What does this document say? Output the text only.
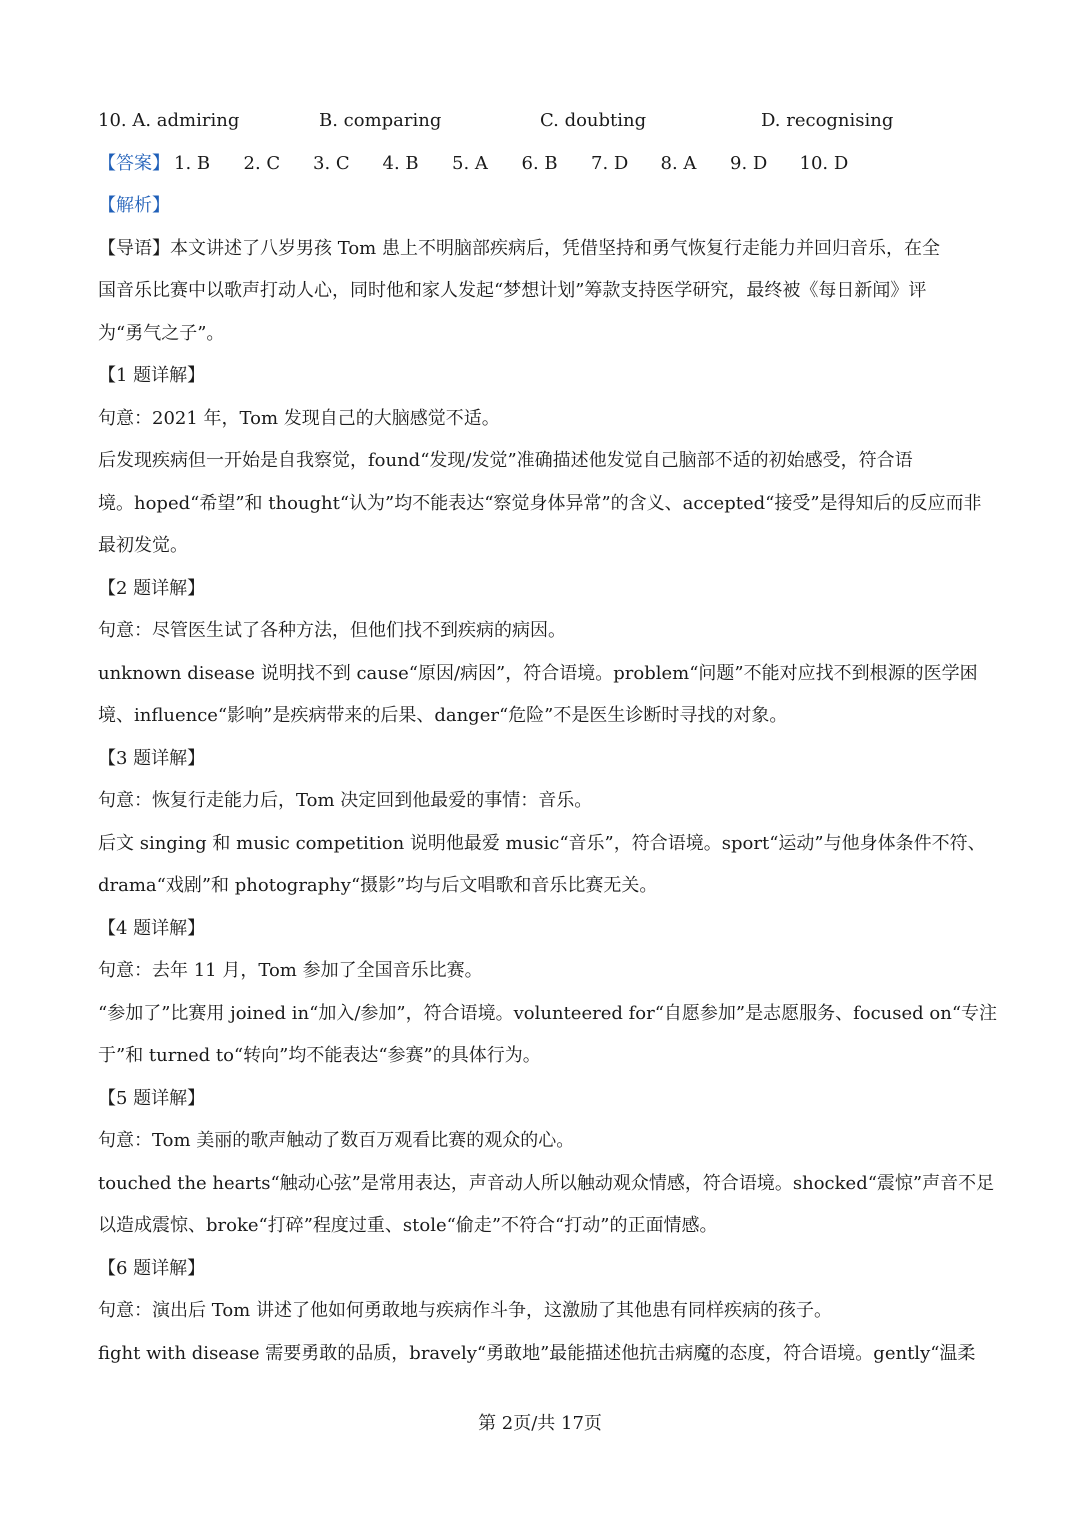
10. A. admiring	B. comparing	C. doubting	D. recognising
【答案】 1. B	2. C	3. C	4. B	5. A	6. B	7. D	8. A	9. D	10. D

【解析】

【导语】本文讲述了八岁男孩 Tom 患上不明脑部疾病后，凭借坚持和勇气恢复行走能力并回归音乐，在全

国音乐比赛中以歌声打动人心，同时他和家人发起“梦想计划”筹款支持医学研究，最终被《每日新闻》评

为“勇气之子”。

【1 题详解】

句意：2021 年，Tom 发现自己的大脑感觉不适。

后发现疾病但一开始是自我察觉，found“发现/发觉”准确描述他发觉自己脑部不适的初始感受，符合语

境。hoped“希望”和 thought“认为”均不能表达“察觉身体异常”的含义、accepted“接受”是得知后的反应而非

最初发觉。

【2 题详解】

句意：尽管医生试了各种方法，但他们找不到疾病的病因。

unknown disease 说明找不到 cause“原因/病因”，符合语境。problem“问题”不能对应找不到根源的医学困

境、influence“影响”是疾病带来的后果、danger“危险”不是医生诊断时寻找的对象。

【3 题详解】

句意：恢复行走能力后，Tom 决定回到他最爱的事情：音乐。

后文 singing 和 music competition 说明他最爱 music“音乐”，符合语境。sport“运动”与他身体条件不符、

drama“戏剧”和 photography“摄影”均与后文唱歌和音乐比赛无关。

【4 题详解】

句意：去年 11 月，Tom 参加了全国音乐比赛。

“参加了”比赛用 joined in“加入/参加”，符合语境。volunteered for“自愿参加”是志愿服务、focused on“专注

于”和 turned to“转向”均不能表达“参赛”的具体行为。

【5 题详解】

句意：Tom 美丽的歌声触动了数百万观看比赛的观众的心。

touched the hearts“触动心弦”是常用表达，声音动人所以触动观众情感，符合语境。shocked“震惊”声音不足

以造成震惊、broke“打碎”程度过重、stole“偷走”不符合“打动”的正面情感。

【6 题详解】

句意：演出后 Tom 讲述了他如何勇敢地与疾病作斗争，这激励了其他患有同样疾病的孩子。

fight with disease 需要勇敢的品质，bravely“勇敢地”最能描述他抗击病魔的态度，符合语境。gently“温柔

第 2页/共 17页
